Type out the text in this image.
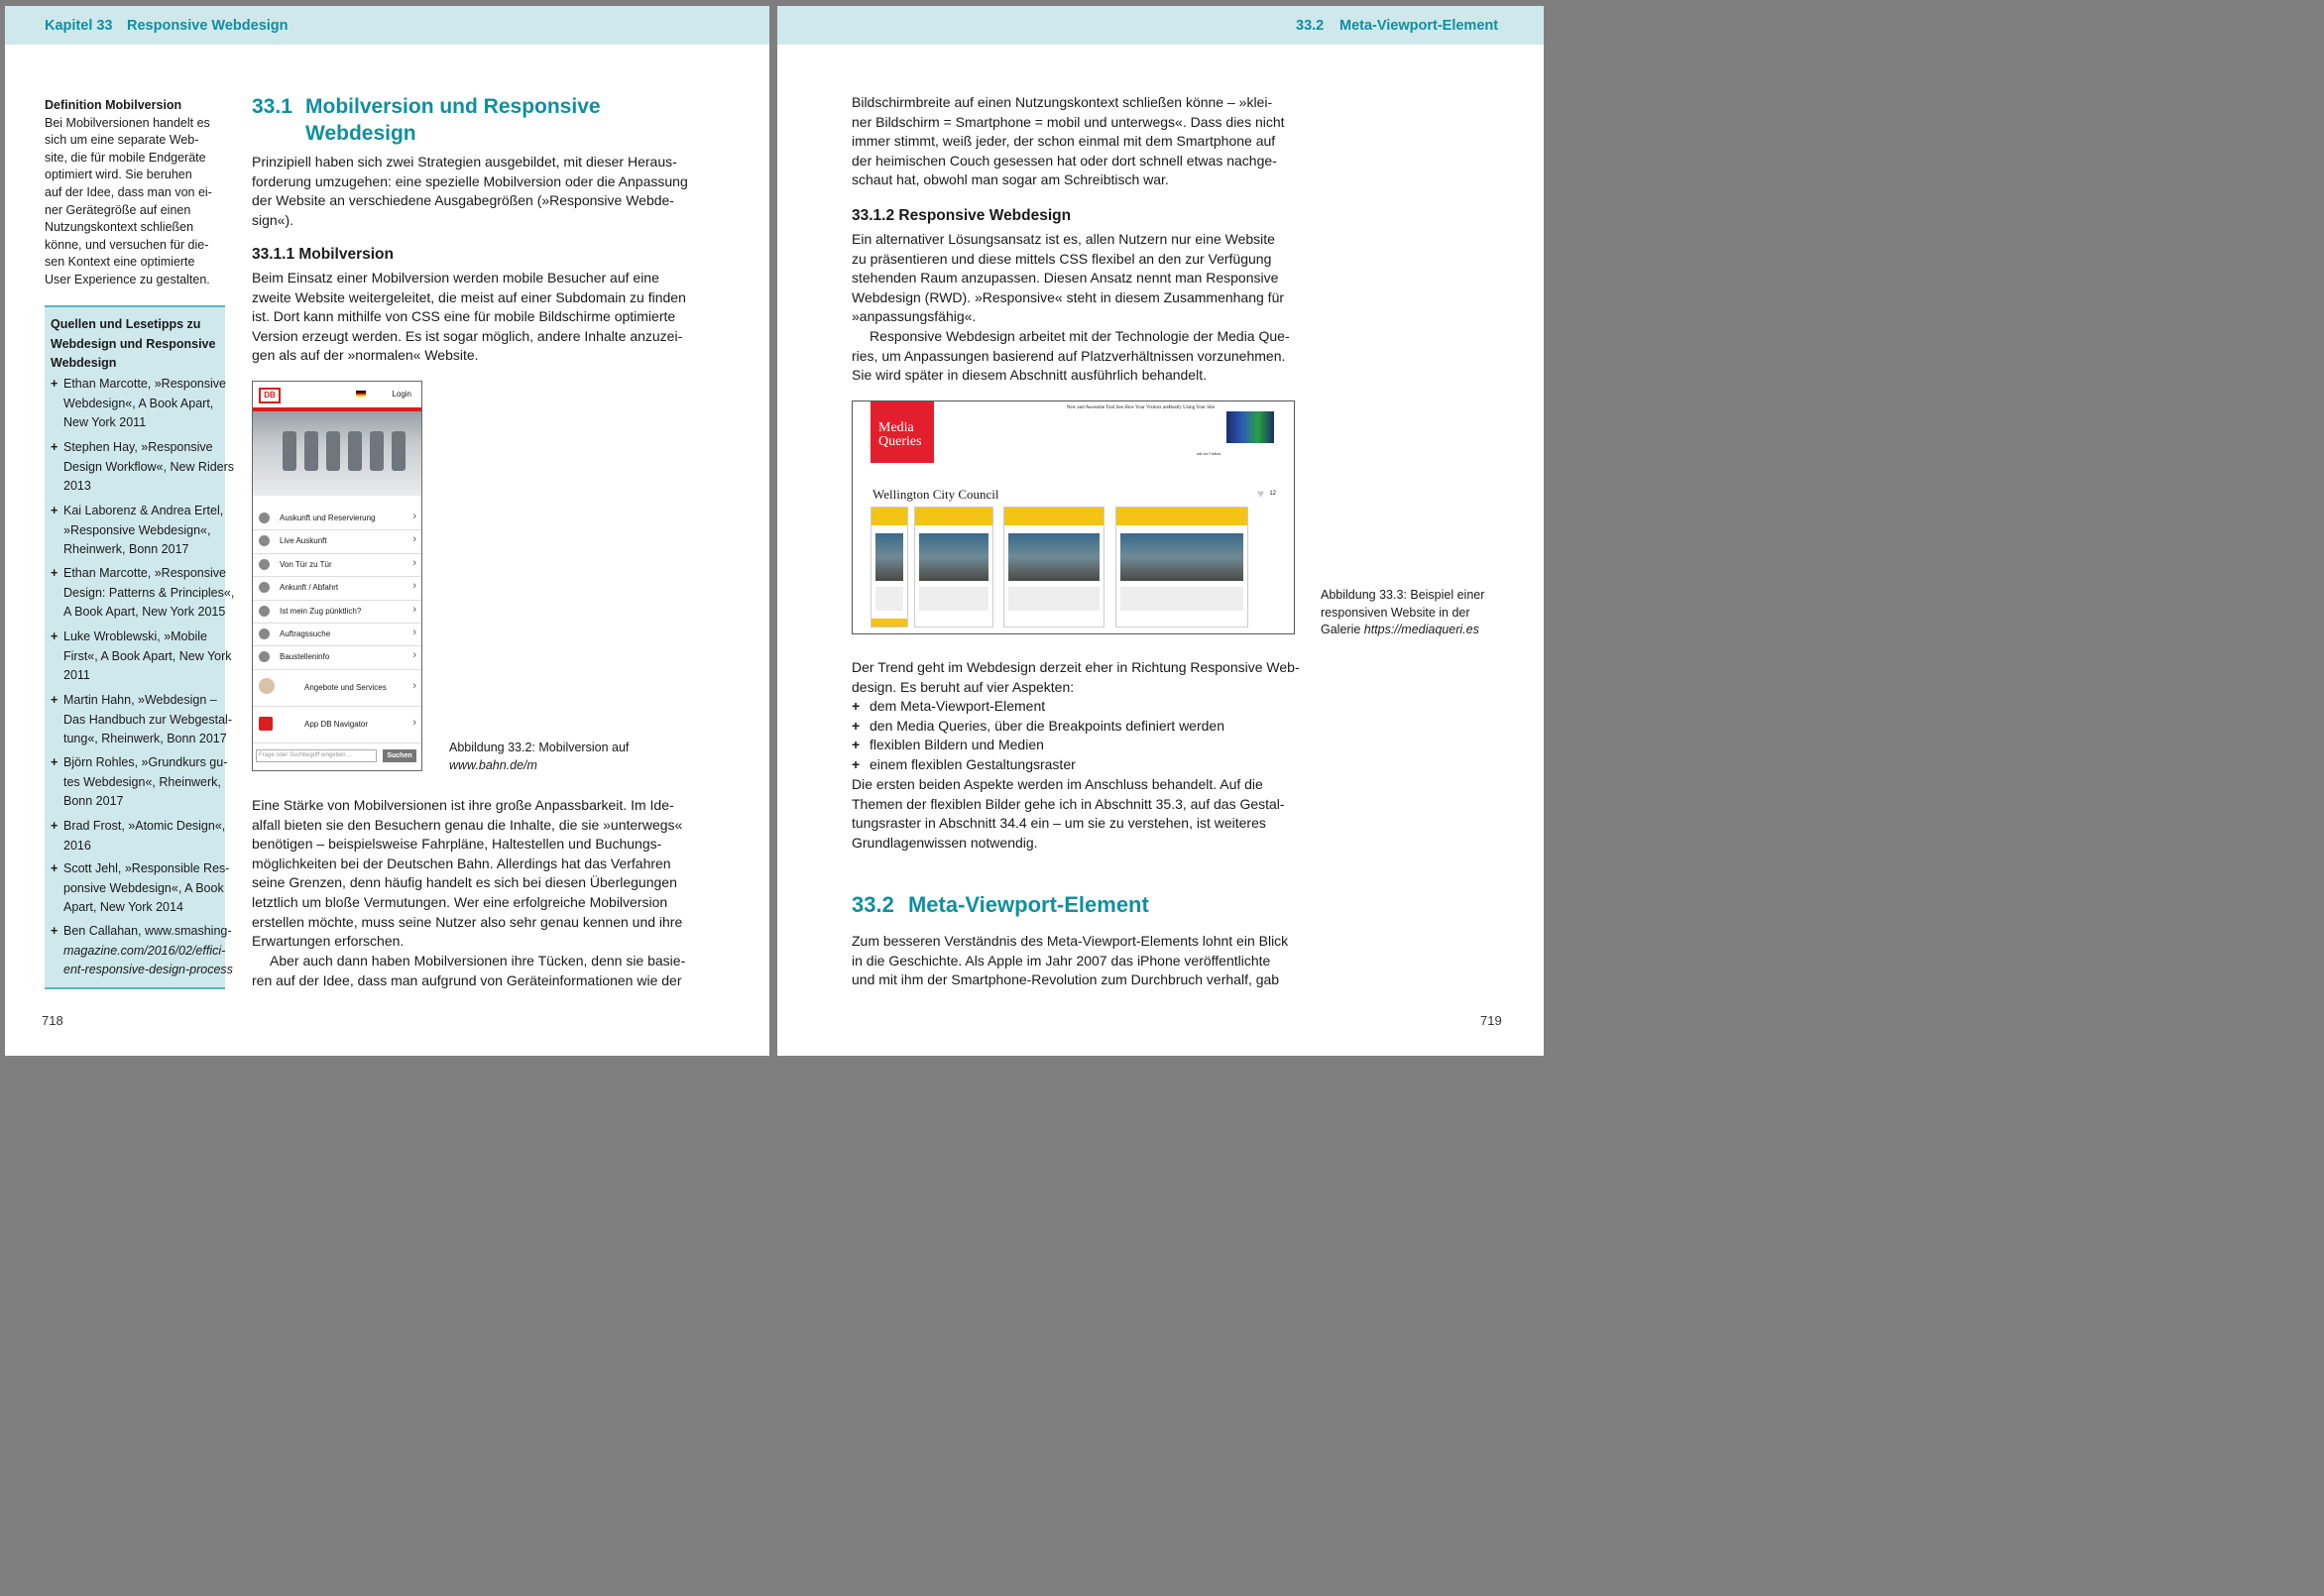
Kapitel 33 Responsive Webdesign
Definition Mobilversion
Bei Mobilversionen handelt es
sich um eine separate Web-
site, die für mobile Endgeräte
optimiert wird. Sie beruhen
auf der Idee, dass man von ei-
ner Gerätegröße auf einen
Nutzungskontext schließen
könne, und versuchen für die-
sen Kontext eine optimierte
User Experience zu gestalten.
Quellen und Lesetipps zu
Webdesign und Responsive
Webdesign
+ Ethan Marcotte, »Responsive
Webdesign«, A Book Apart,
New York 2011
+ Stephen Hay, »Responsive
Design Workflow«, New Riders
2013
+ Kai Laborenz & Andrea Ertel,
»Responsive Webdesign«,
Rheinwerk, Bonn 2017
+ Ethan Marcotte, »Responsive
Design: Patterns & Principles«,
A Book Apart, New York 2015
+ Luke Wroblewski, »Mobile
First«, A Book Apart, New York
2011
+ Martin Hahn, »Webdesign –
Das Handbuch zur Webgestal-
tung«, Rheinwerk, Bonn 2017
+ Björn Rohles, »Grundkurs gu-
tes Webdesign«, Rheinwerk,
Bonn 2017
+ Brad Frost, »Atomic Design«,
2016
+ Scott Jehl, »Responsible Res-
ponsive Webdesign«, A Book
Apart, New York 2014
+ Ben Callahan, www.smashing-
magazine.com/2016/02/effici-
ent-responsive-design-process
33.1 Mobilversion und Responsive

Webdesign
Prinzipiell haben sich zwei Strategien ausgebildet, mit dieser Heraus-
forderung umzugehen: eine spezielle Mobilversion oder die Anpassung
der Website an verschiedene Ausgabegrößen (»Responsive Webde-
sign«).
33.1.1 Mobilversion
Beim Einsatz einer Mobilversion werden mobile Besucher auf eine
zweite Website weitergeleitet, die meist auf einer Subdomain zu finden
ist. Dort kann mithilfe von CSS eine für mobile Bildschirme optimierte
Version erzeugt werden. Es ist sogar möglich, andere Inhalte anzuzei-
gen als auf der »normalen« Website.
DB	Login
Auskunft und Reservierung	›
Live Auskunft	›
Von Tür zu Tür	›
Ankunft / Abfahrt	›
Ist mein Zug pünktlich?	›
Auftragssuche	›
Baustelleninfo	›
Angebote und Services ›
App DB Navigator	›
Frage oder Suchbegriff eingeben ...	Suchen
Abbildung 33.2: Mobilversion auf
www.bahn.de/m
Eine Stärke von Mobilversionen ist ihre große Anpassbarkeit. Im Ide-
alfall bieten sie den Besuchern genau die Inhalte, die sie »unterwegs«
benötigen – beispielsweise Fahrpläne, Haltestellen und Buchungs-
möglichkeiten bei der Deutschen Bahn. Allerdings hat das Verfahren
seine Grenzen, denn häufig handelt es sich bei diesen Überlegungen
letztlich um bloße Vermutungen. Wer eine erfolgreiche Mobilversion
erstellen möchte, muss seine Nutzer also sehr genau kennen und ihre
Erwartungen erforschen.
Aber auch dann haben Mobilversionen ihre Tücken, denn sie basie-
ren auf der Idee, dass man aufgrund von Geräteinformationen wie der
718
33.2 Meta-Viewport-Element
Bildschirmbreite auf einen Nutzungskontext schließen könne – »klei-
ner Bildschirm = Smartphone = mobil und unterwegs«. Dass dies nicht
immer stimmt, weiß jeder, der schon einmal mit dem Smartphone auf
der heimischen Couch gesessen hat oder dort schnell etwas nachge-
schaut hat, obwohl man sogar am Schreibtisch war.
33.1.2 Responsive Webdesign
Ein alternativer Lösungsansatz ist es, allen Nutzern nur eine Website
zu präsentieren und diese mittels CSS flexibel an den zur Verfügung
stehenden Raum anzupassen. Diesen Ansatz nennt man Responsive
Webdesign (RWD). »Responsive« steht in diesem Zusammenhang für
»anpassungsfähig«.
Responsive Webdesign arbeitet mit der Technologie der Media Que-
ries, um Anpassungen basierend auf Platzverhältnissen vorzunehmen.
Sie wird später in diesem Abschnitt ausführlich behandelt.
Media
Queries
New and Awesome Tool:See How Your Visitors areReally Using Your Site
ads via Carbon
Wellington City Council	♥ 12
Abbildung 33.3: Beispiel einer
responsiven Website in der
Galerie https://mediaqueri.es
Der Trend geht im Webdesign derzeit eher in Richtung Responsive Web-
design. Es beruht auf vier Aspekten:
+ dem Meta-Viewport-Element
+ den Media Queries, über die Breakpoints definiert werden
+ flexiblen Bildern und Medien
+ einem flexiblen Gestaltungsraster
Die ersten beiden Aspekte werden im Anschluss behandelt. Auf die
Themen der flexiblen Bilder gehe ich in Abschnitt 35.3, auf das Gestal-
tungsraster in Abschnitt 34.4 ein – um sie zu verstehen, ist weiteres
Grundlagenwissen notwendig.
33.2 Meta-Viewport-Element
Zum besseren Verständnis des Meta-Viewport-Elements lohnt ein Blick
in die Geschichte. Als Apple im Jahr 2007 das iPhone veröffentlichte
und mit ihm der Smartphone-Revolution zum Durchbruch verhalf, gab
719
